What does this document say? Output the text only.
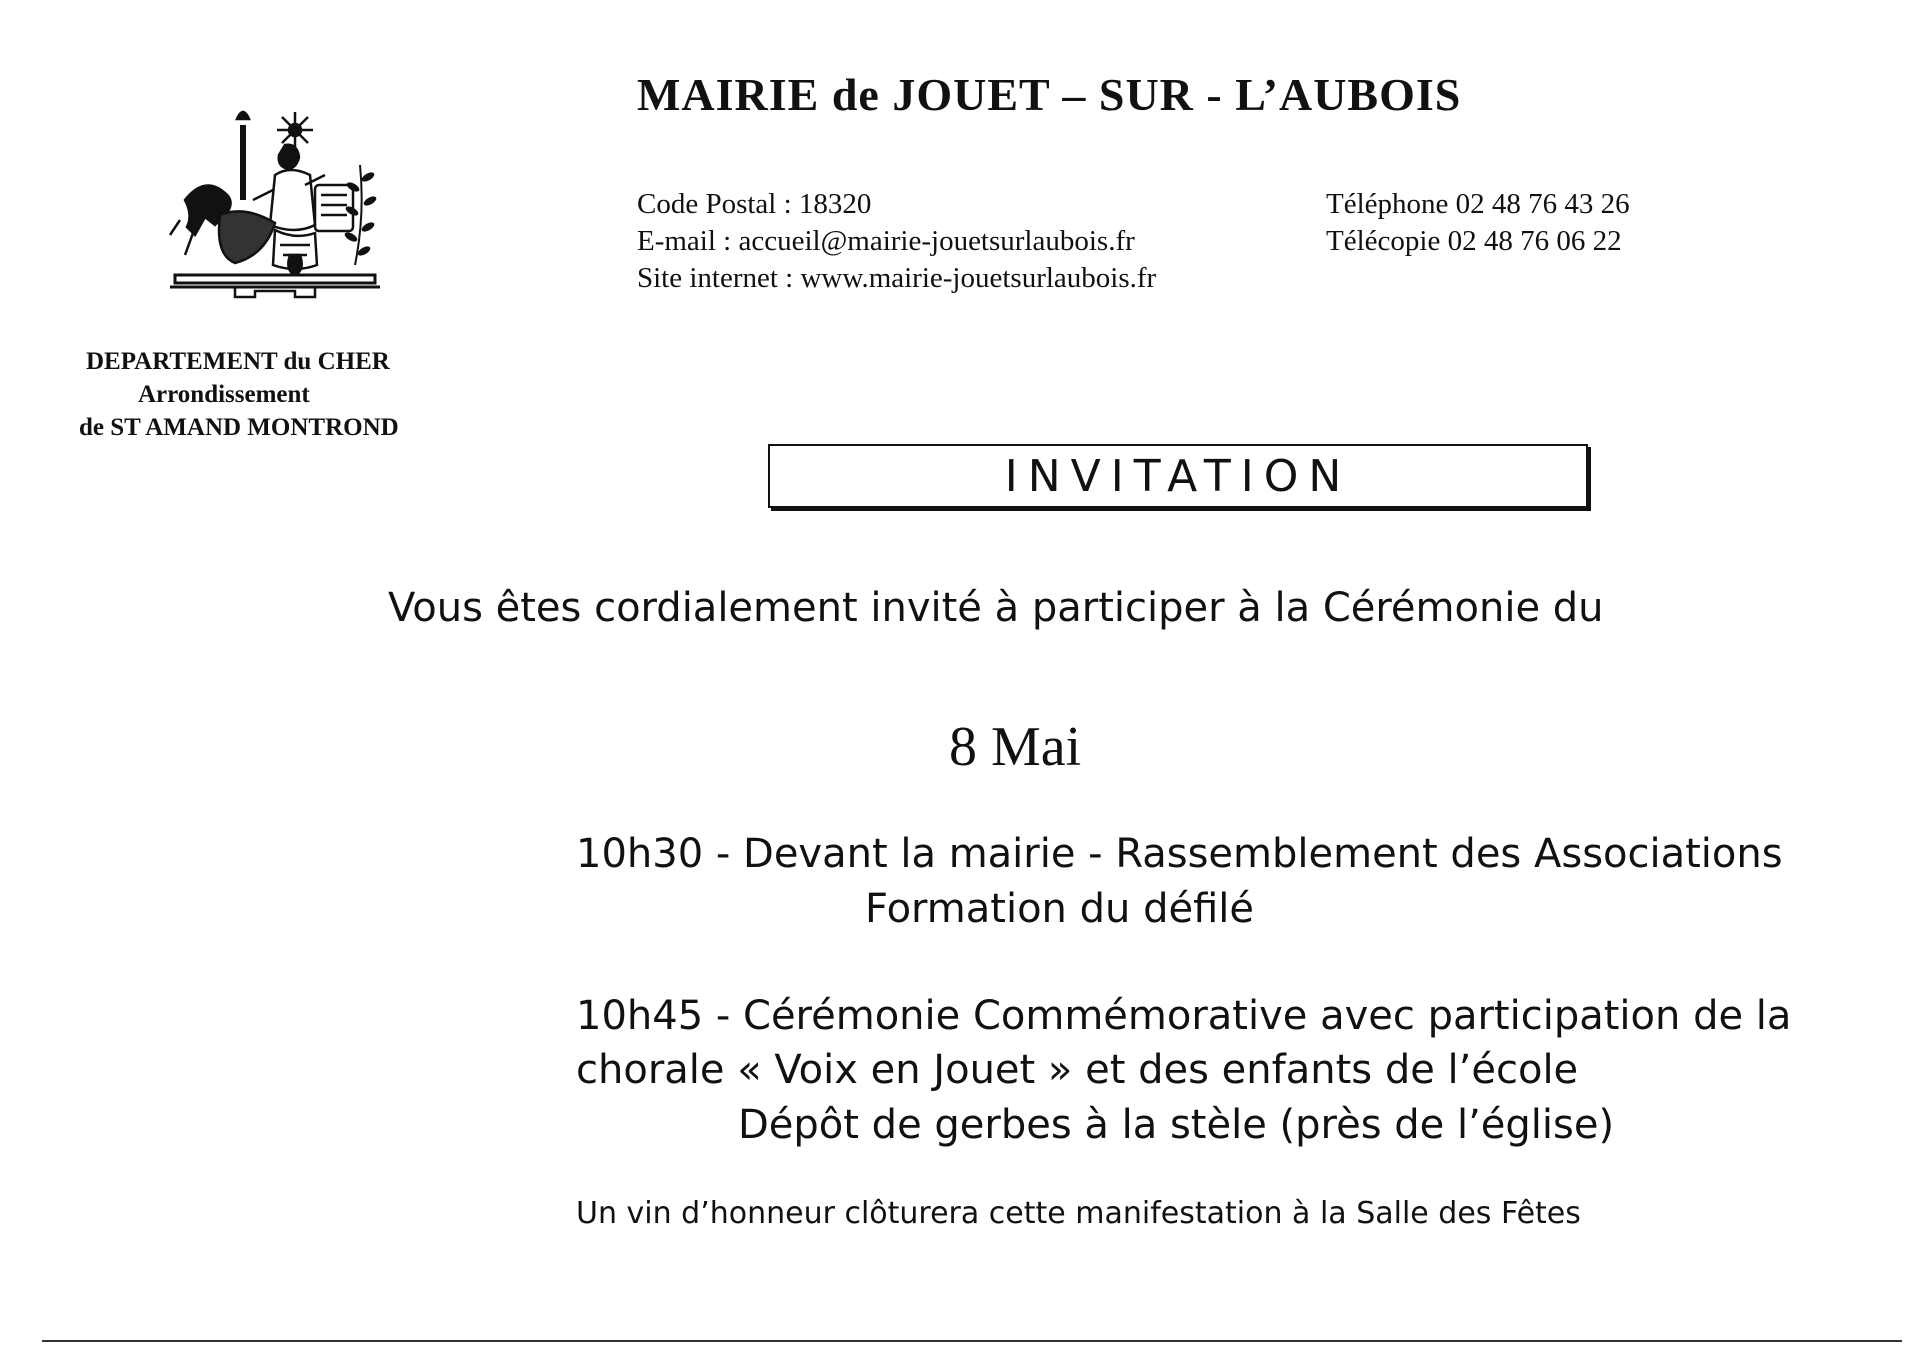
MAIRIE de JOUET – SUR - L’AUBOIS
Code Postal : 18320
E-mail : accueil@mairie-jouetsurlaubois.fr
Site internet : www.mairie-jouetsurlaubois.fr
Téléphone 02 48 76 43 26
Télécopie 02 48 76 06 22
DEPARTEMENT du CHER
Arrondissement
de ST AMAND MONTROND
INVITATION
Vous êtes cordialement invité à participer à la Cérémonie du
8 Mai
10h30 - Devant la mairie - Rassemblement des Associations
Formation du défilé
10h45 - Cérémonie Commémorative avec participation de la
chorale « Voix en Jouet » et des enfants de l’école
Dépôt de gerbes à la stèle (près de l’église)
Un vin d’honneur clôturera cette manifestation à la Salle des Fêtes
